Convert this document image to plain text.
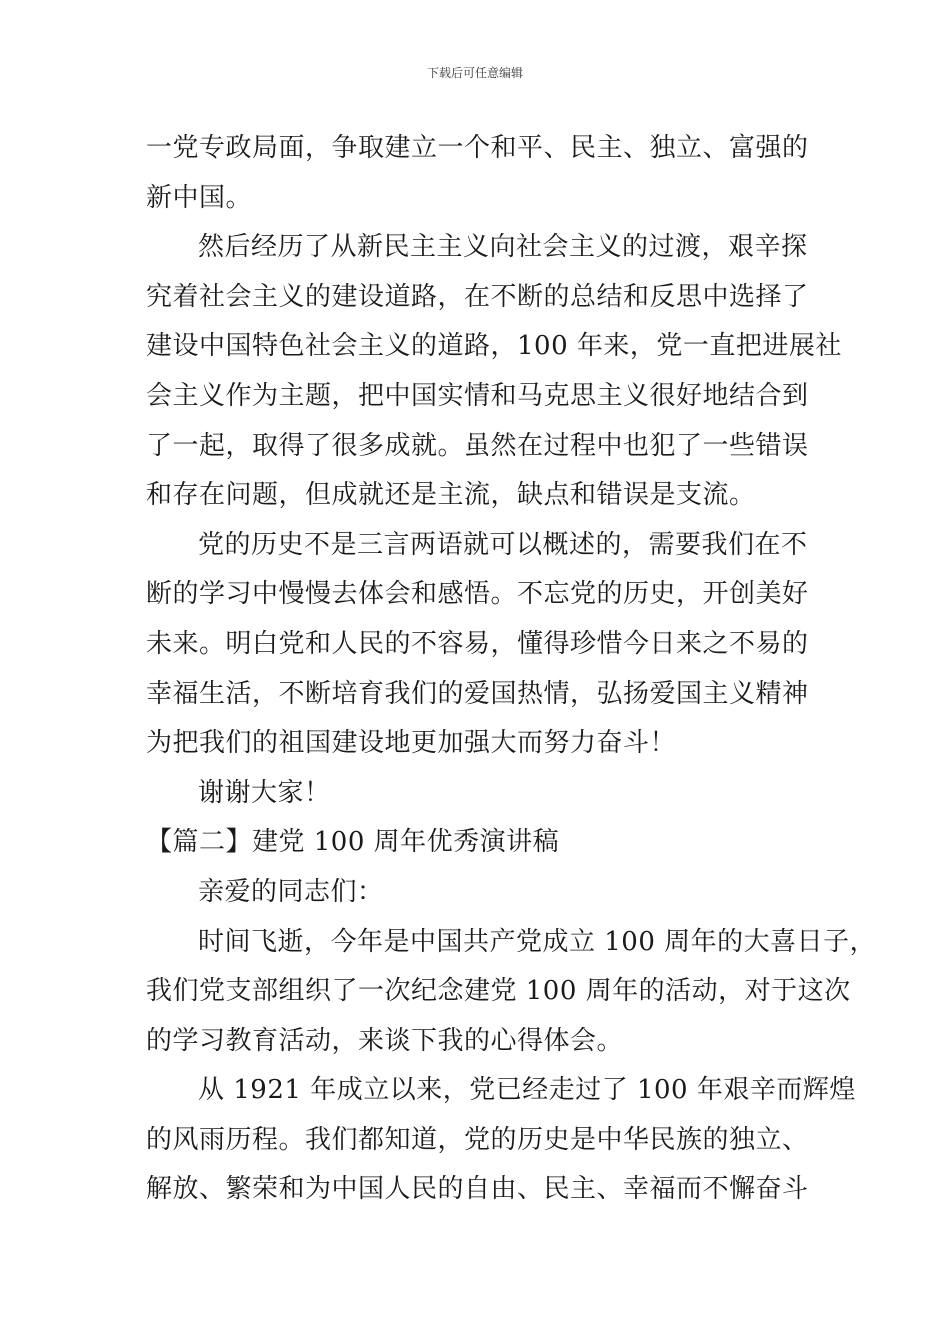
下载后可任意编辑
一党专政局面，争取建立一个和平、民主、独立、富强的
新中国。
然后经历了从新民主主义向社会主义的过渡，艰辛探
究着社会主义的建设道路，在不断的总结和反思中选择了
建设中国特色社会主义的道路，100 年来，党一直把进展社
会主义作为主题，把中国实情和马克思主义很好地结合到
了一起，取得了很多成就。虽然在过程中也犯了一些错误
和存在问题，但成就还是主流，缺点和错误是支流。
党的历史不是三言两语就可以概述的，需要我们在不
断的学习中慢慢去体会和感悟。不忘党的历史，开创美好
未来。明白党和人民的不容易，懂得珍惜今日来之不易的
幸福生活，不断培育我们的爱国热情，弘扬爱国主义精神
为把我们的祖国建设地更加强大而努力奋斗！
谢谢大家！
【篇二】建党 100 周年优秀演讲稿
亲爱的同志们：
时间飞逝，今年是中国共产党成立 100 周年的大喜日子，
我们党支部组织了一次纪念建党 100 周年的活动，对于这次
的学习教育活动，来谈下我的心得体会。
从 1921 年成立以来，党已经走过了 100 年艰辛而辉煌
的风雨历程。我们都知道，党的历史是中华民族的独立、
解放、繁荣和为中国人民的自由、民主、幸福而不懈奋斗
